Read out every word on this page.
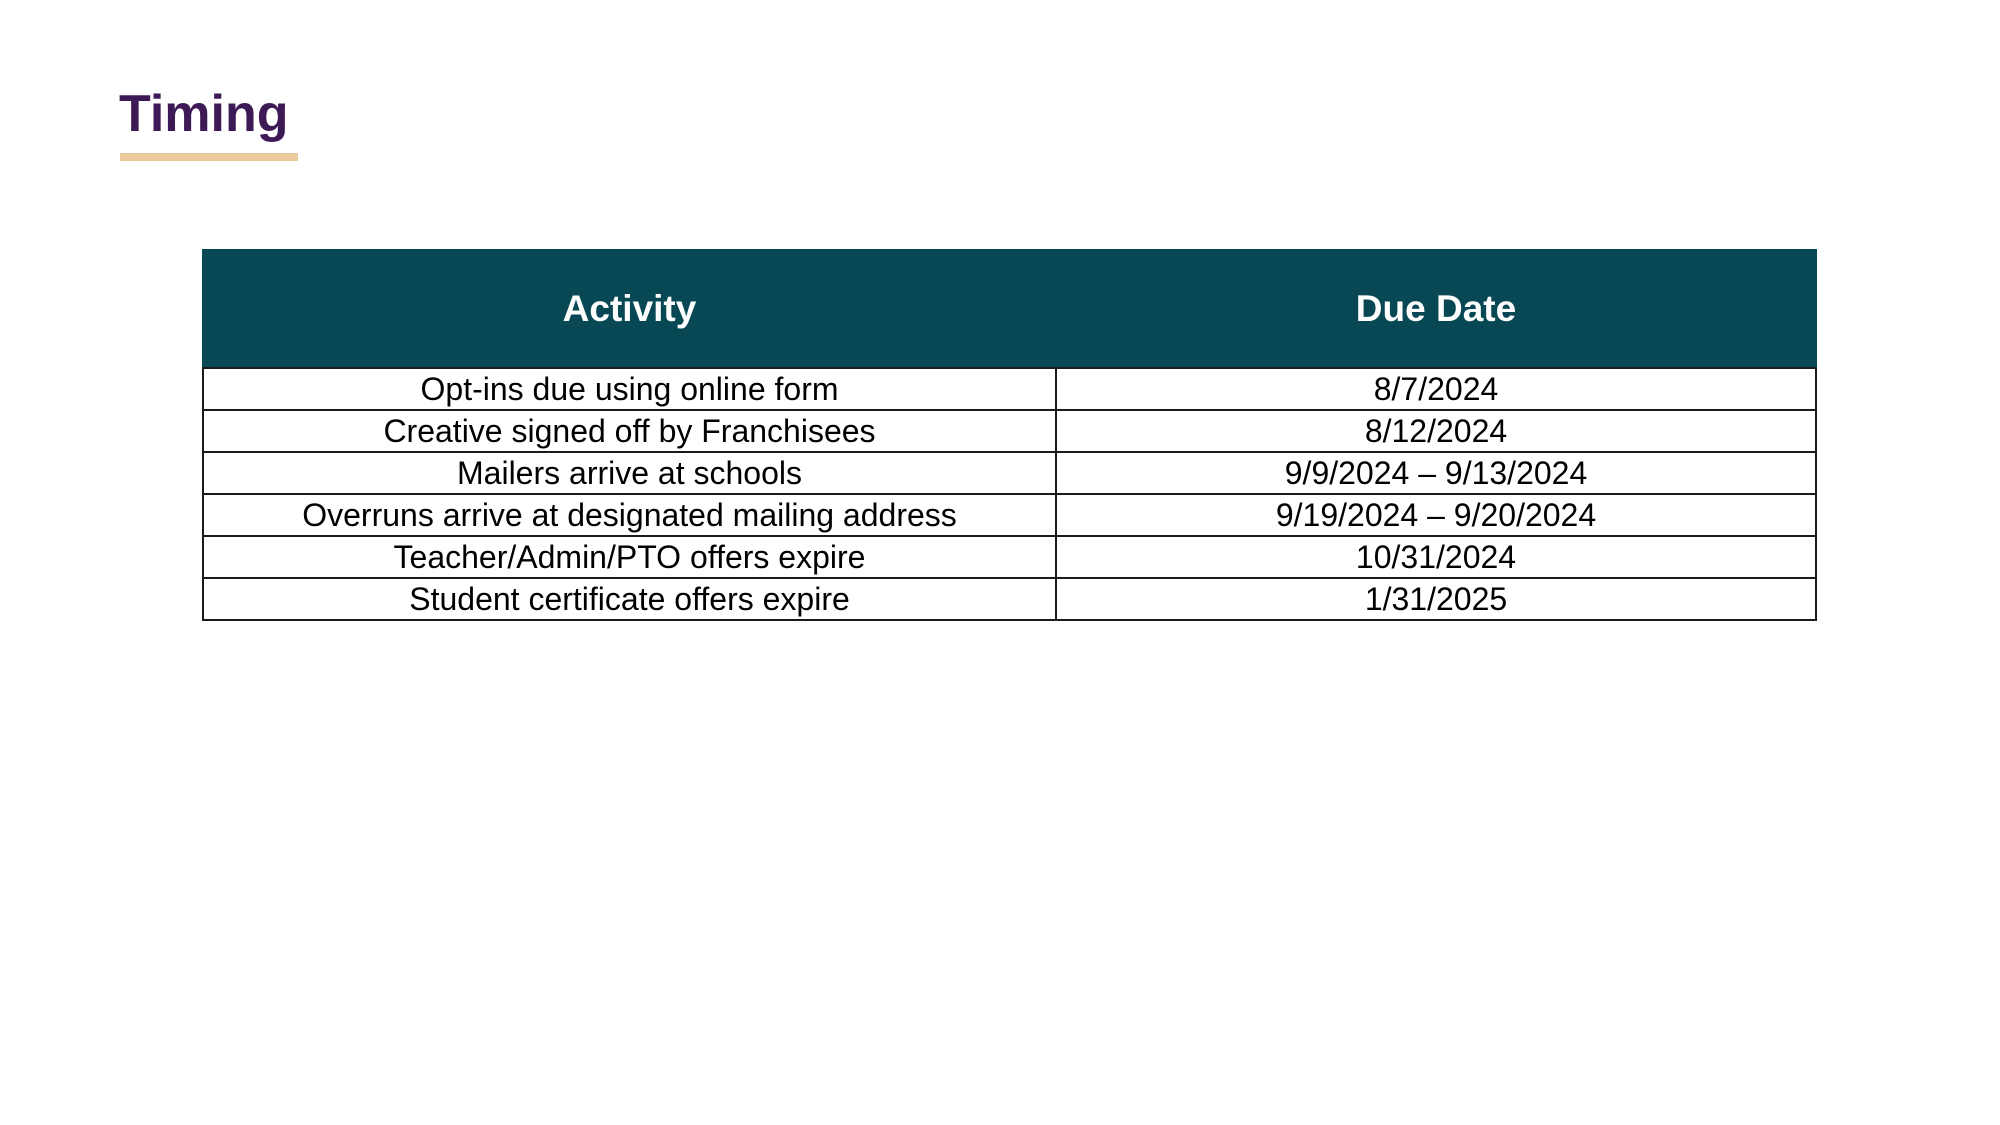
Timing
Activity	Due Date
Opt-ins due using online form	8/7/2024
Creative signed off by Franchisees	8/12/2024
Mailers arrive at schools	9/9/2024 – 9/13/2024
Overruns arrive at designated mailing address	9/19/2024 – 9/20/2024
Teacher/Admin/PTO offers expire	10/31/2024
Student certificate offers expire	1/31/2025
